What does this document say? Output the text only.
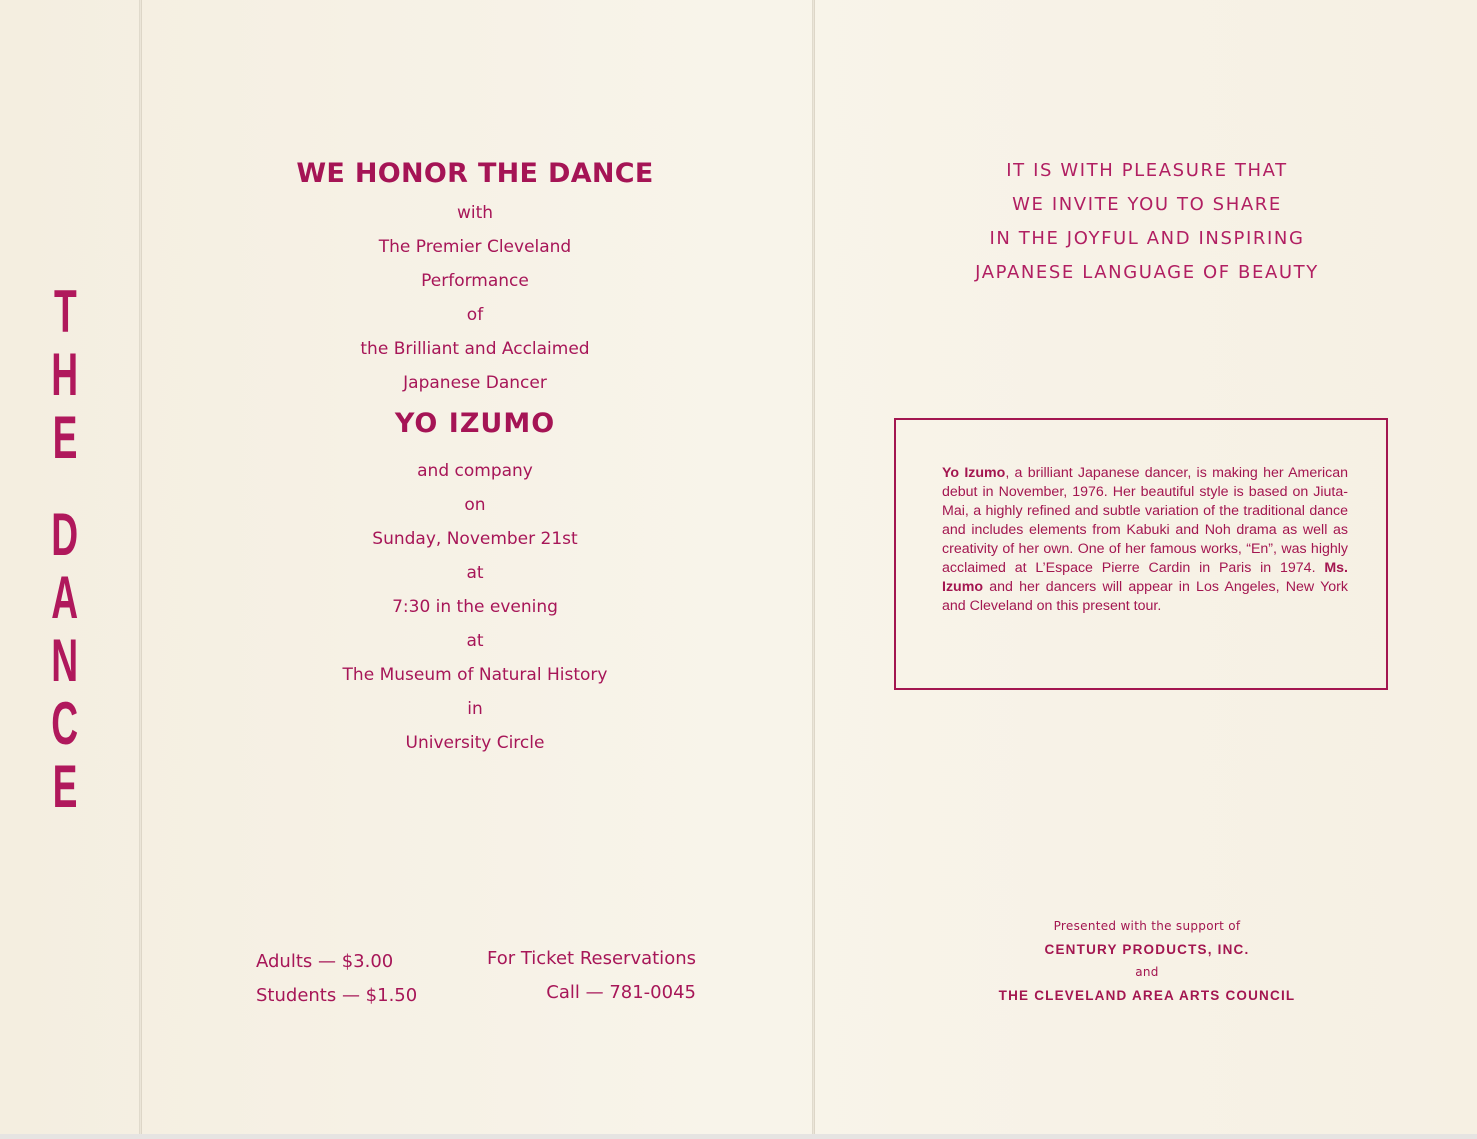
T
H
E
D
A
N
C
E
WE HONOR THE DANCE
with
The Premier Cleveland
Performance
of
the Brilliant and Acclaimed
Japanese Dancer
YO IZUMO
and company
on
Sunday, November 21st
at
7:30 in the evening
at
The Museum of Natural History
in
University Circle
Adults — $3.00
Students — $1.50
For Ticket Reservations
Call — 781-0045
IT IS WITH PLEASURE THAT
WE INVITE YOU TO SHARE
IN THE JOYFUL AND INSPIRING
JAPANESE LANGUAGE OF BEAUTY
Yo Izumo, a brilliant Japanese dancer, is making her American debut in November, 1976. Her beautiful style is based on Jiuta-Mai, a highly refined and subtle variation of the traditional dance and includes elements from Kabuki and Noh drama as well as creativity of her own. One of her famous works, “En”, was highly acclaimed at L’Espace Pierre Cardin in Paris in 1974. Ms. Izumo and her dancers will appear in Los Angeles, New York and Cleveland on this present tour.
Presented with the support of
CENTURY PRODUCTS, INC.
and
THE CLEVELAND AREA ARTS COUNCIL
